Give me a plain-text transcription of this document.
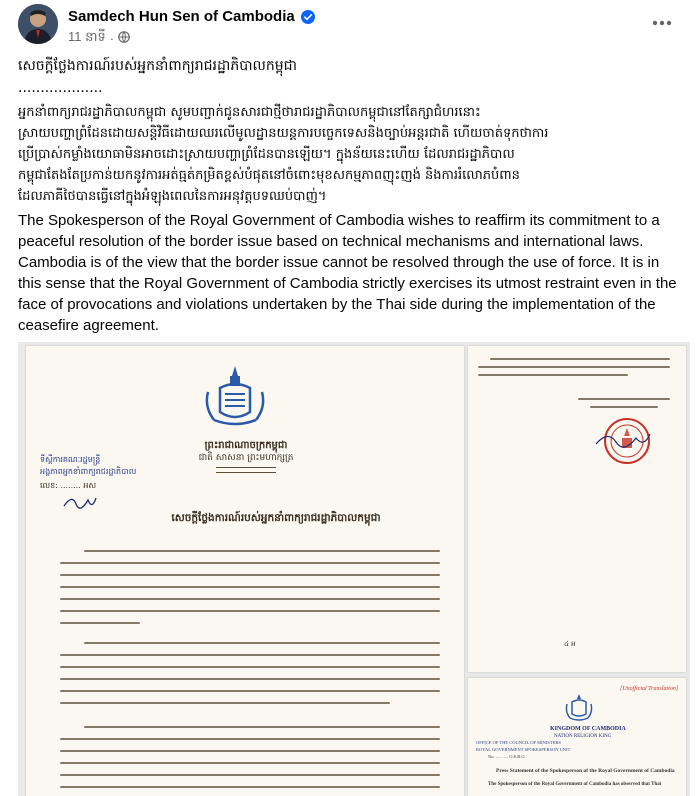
Samdech Hun Sen of Cambodia
11 នាទី ·
សេចក្តីថ្លែងការណ៍របស់អ្នកនាំពាក្យរាជរដ្ឋាភិបាលកម្ពុជា
...................
អ្នកនាំពាក្យរាជរដ្ឋាភិបាលកម្ពុជា សូមបញ្ជាក់ជូនសារជាថ្មីថារាជរដ្ឋាភិបាលកម្ពុជានៅតែក្សាជំហរនោះ
ស្រាយបញ្ហាព្រំដែនដោយសន្តិវិធីដោយឈរលើមូលដ្ឋានយន្តការបច្ចេកទេសនិងច្បាប់អន្តរជាតិ ហើយចាត់ទុកថាការ
ប្រើប្រាស់កម្លាំងយោធាមិនអាចដោះស្រាយបញ្ហាព្រំដែនបានឡើយ។ ក្នុងន័យនេះហើយ ដែលរាជរដ្ឋាភិបាល
កម្ពុជាតែងតែប្រកាន់យកនូវការអត់ធ្មត់កម្រិតខ្ពស់បំផុតនៅចំពោះមុខសកម្មភាពញុះញង់ និងការរំលោភបំពាន
ដែលភាគីថៃបានធ្វើនៅក្នុងអំឡុងពេលនៃការអនុវត្តបទឈប់បាញ់។
The Spokesperson of the Royal Government of Cambodia wishes to reaffirm its commitment to a peaceful resolution of the border issue based on technical mechanisms and international laws. Cambodia is of the view that the border issue cannot be resolved through the use of force. It is in this sense that the Royal Government of Cambodia strictly exercises its utmost restraint even in the face of provocations and violations undertaken by the Thai side during the implementation of the ceasefire agreement.
ព្រះរាជាណាចក្រកម្ពុជា
ជាតិ សាសនា ព្រះមហាក្សត្រ
ទីស្តីការគណៈរដ្ឋមន្ត្រី
អង្គភាពអ្នកនាំពាក្យរាជរដ្ឋាភិបាល
លេខ: ........ អស
សេចក្តីថ្លែងការណ៍របស់អ្នកនាំពាក្យរាជរដ្ឋាភិបាលកម្ពុជា
៤ អ
[Unofficial Translation]
KINGDOM OF CAMBODIA
NATION RELIGION KING
OFFICE OF THE COUNCIL OF MINISTERS
ROYAL GOVERNMENT SPOKESPERSON UNIT
No. ........... O.S.R.G
Press Statement of the Spokesperson of the Royal Government of Cambodia
The Spokesperson of the Royal Government of Cambodia has observed that Thai
